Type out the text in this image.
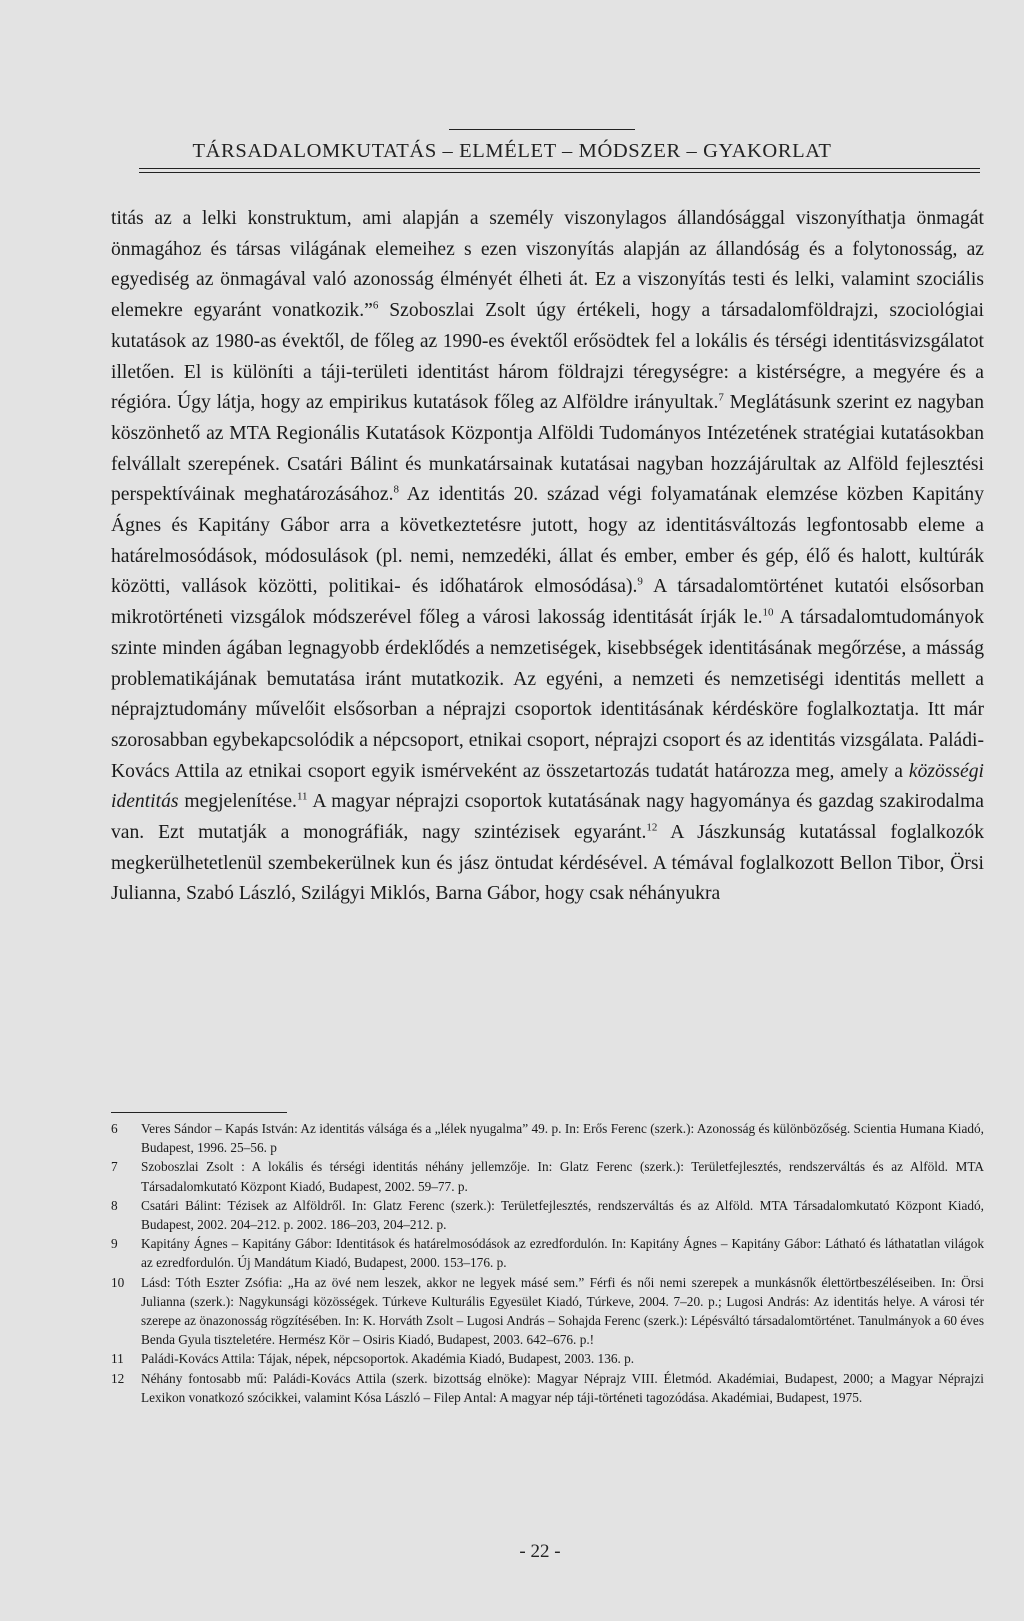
TÁRSADALOMKUTATÁS – ELMÉLET – MÓDSZER – GYAKORLAT

titás az a lelki konstruktum, ami alapján a személy viszonylagos állandósággal viszonyíthatja önmagát önmagához és társas világának elemeihez s ezen viszonyítás alapján az állandóság és a folytonosság, az egyediség az önmagával való azonosság élményét élheti át. Ez a viszonyítás testi és lelki, valamint szociális elemekre egyaránt vonatkozik.”$^6$ Szoboszlai Zsolt úgy értékeli, hogy a társadalomföldrajzi, szociológiai kutatások az 1980-as évektől, de főleg az 1990-es évektől erősödtek fel a lokális és térségi identitásvizsgálatot illetően. El is különíti a táji-területi identitást három földrajzi téregységre: a kistérségre, a megyére és a régióra. Úgy látja, hogy az empirikus kutatások főleg az Alföldre irányultak.$^7$ Meglátásunk szerint ez nagyban köszönhető az MTA Regionális Kutatások Központja Alföldi Tudományos Intézetének stratégiai kutatásokban felvállalt szerepének. Csatári Bálint és munkatársainak kutatásai nagyban hozzájárultak az Alföld fejlesztési perspektíváinak meghatározásához.$^8$ Az identitás 20. század végi folyamatának elemzése közben Kapitány Ágnes és Kapitány Gábor arra a következtetésre jutott, hogy az identitásváltozás legfontosabb eleme a határelmosódások, módosulások (pl. nemi, nemzedéki, állat és ember, ember és gép, élő és halott, kultúrák közötti, vallások közötti, politikai- és időhatárok elmosódása).$^9$ A társadalomtörténet kutatói elsősorban mikrotörténeti vizsgálok módszerével főleg a városi lakosság identitását írják le.$^{10}$ A társadalomtudományok szinte minden ágában legnagyobb érdeklődés a nemzetiségek, kisebbségek identitásának megőrzése, a másság problematikájának bemutatása iránt mutatkozik. Az egyéni, a nemzeti és nemzetiségi identitás mellett a néprajztudomány művelőit elsősorban a néprajzi csoportok identitásának kérdésköre foglalkoztatja. Itt már szorosabban egybekapcsolódik a népcsoport, etnikai csoport, néprajzi csoport és az identitás vizsgálata. Paládi-Kovács Attila az etnikai csoport egyik ismérveként az összetartozás tudatát határozza meg, amely a közösségi identitás megjelenítése.$^{11}$ A magyar néprajzi csoportok kutatásának nagy hagyománya és gazdag szakirodalma van. Ezt mutatják a monográfiák, nagy szintézisek egyaránt.$^{12}$ A Jászkunság kutatással foglalkozók megkerülhetetlenül szembekerülnek kun és jász öntudat kérdésével. A témával foglalkozott Bellon Tibor, Örsi Julianna, Szabó László, Szilágyi Miklós, Barna Gábor, hogy csak néhányukra

6	Veres Sándor – Kapás István: Az identitás válsága és a „lélek nyugalma” 49. p. In: Erős Ferenc (szerk.): Azonosság és különbözőség. Scientia Humana Kiadó, Budapest, 1996. 25–56. p
7	Szoboszlai Zsolt : A lokális és térségi identitás néhány jellemzője. In: Glatz Ferenc (szerk.): Területfejlesztés, rendszerváltás és az Alföld. MTA Társadalomkutató Központ Kiadó, Budapest, 2002. 59–77. p.
8	Csatári Bálint: Tézisek az Alföldről. In: Glatz Ferenc (szerk.): Területfejlesztés, rendszerváltás és az Alföld. MTA Társadalomkutató Központ Kiadó, Budapest, 2002. 204–212. p. 2002. 186–203, 204–212. p.
9	Kapitány Ágnes – Kapitány Gábor: Identitások és határelmosódások az ezredfordulón. In: Kapitány Ágnes – Kapitány Gábor: Látható és láthatatlan világok az ezredfordulón. Új Mandátum Kiadó, Budapest, 2000. 153–176. p.
10	Lásd: Tóth Eszter Zsófia: „Ha az övé nem leszek, akkor ne legyek másé sem.” Férfi és női nemi szerepek a munkásnők élettörtbeszéléseiben. In: Örsi Julianna (szerk.): Nagykunsági közösségek. Túrkeve Kulturális Egyesület Kiadó, Túrkeve, 2004. 7–20. p.; Lugosi András: Az identitás helye. A városi tér szerepe az önazonosság rögzítésében. In: K. Horváth Zsolt – Lugosi András – Sohajda Ferenc (szerk.): Lépésváltó társadalomtörténet. Tanulmányok a 60 éves Benda Gyula tiszteletére. Hermész Kör – Osiris Kiadó, Budapest, 2003. 642–676. p.!
11	Paládi-Kovács Attila: Tájak, népek, népcsoportok. Akadémia Kiadó, Budapest, 2003. 136. p.
12	Néhány fontosabb mű: Paládi-Kovács Attila (szerk. bizottság elnöke): Magyar Néprajz VIII. Életmód. Akadémiai, Budapest, 2000; a Magyar Néprajzi Lexikon vonatkozó szócikkei, valamint Kósa László – Filep Antal: A magyar nép táji-történeti tagozódása. Akadémiai, Budapest, 1975.
- 22 -
